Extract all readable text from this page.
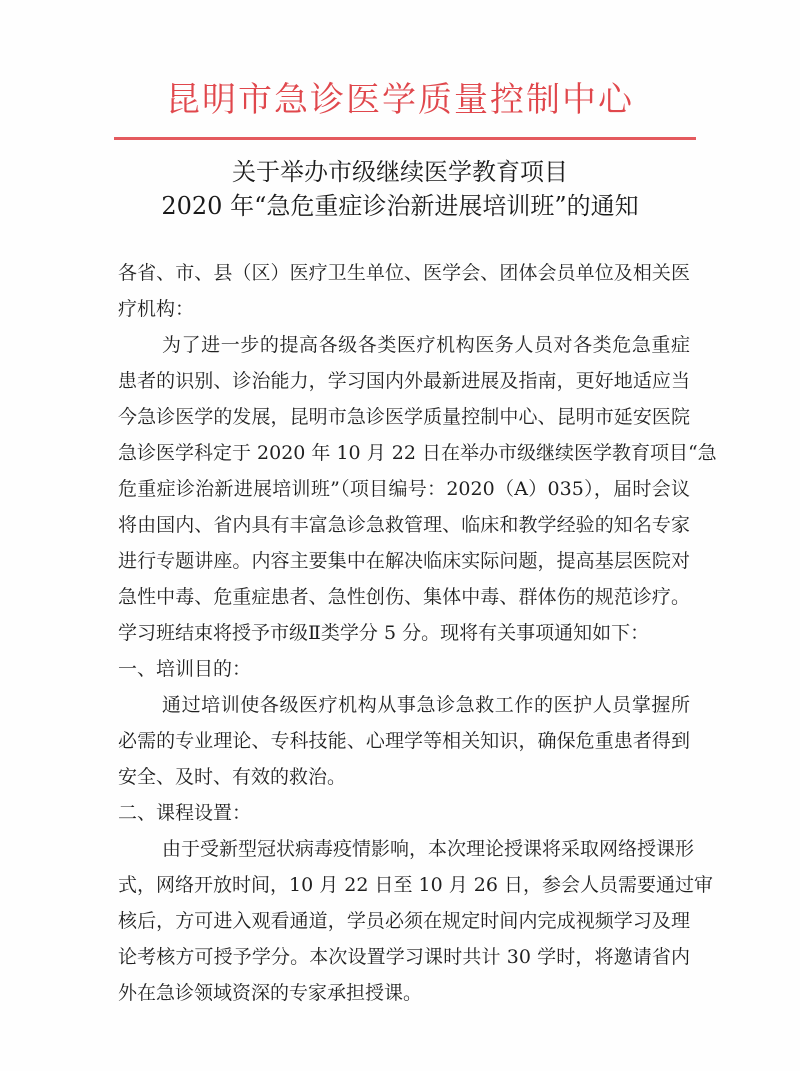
昆明市急诊医学质量控制中心
关于举办市级继续医学教育项目
2020 年“急危重症诊治新进展培训班”的通知
各省、市、县（区）医疗卫生单位、医学会、团体会员单位及相关医
疗机构：
为了进一步的提高各级各类医疗机构医务人员对各类危急重症
患者的识别、诊治能力，学习国内外最新进展及指南，更好地适应当
今急诊医学的发展，昆明市急诊医学质量控制中心、昆明市延安医院
急诊医学科定于 2020 年 10 月 22 日在举办市级继续医学教育项目“急
危重症诊治新进展培训班”（项目编号：2020（A）035），届时会议
将由国内、省内具有丰富急诊急救管理、临床和教学经验的知名专家
进行专题讲座。内容主要集中在解决临床实际问题，提高基层医院对
急性中毒、危重症患者、急性创伤、集体中毒、群体伤的规范诊疗。
学习班结束将授予市级Ⅱ类学分 5 分。现将有关事项通知如下：
一、培训目的：
通过培训使各级医疗机构从事急诊急救工作的医护人员掌握所
必需的专业理论、专科技能、心理学等相关知识，确保危重患者得到
安全、及时、有效的救治。
二、课程设置：
由于受新型冠状病毒疫情影响，本次理论授课将采取网络授课形
式，网络开放时间，10 月 22 日至 10 月 26 日，参会人员需要通过审
核后，方可进入观看通道，学员必须在规定时间内完成视频学习及理
论考核方可授予学分。本次设置学习课时共计 30 学时，将邀请省内
外在急诊领域资深的专家承担授课。
